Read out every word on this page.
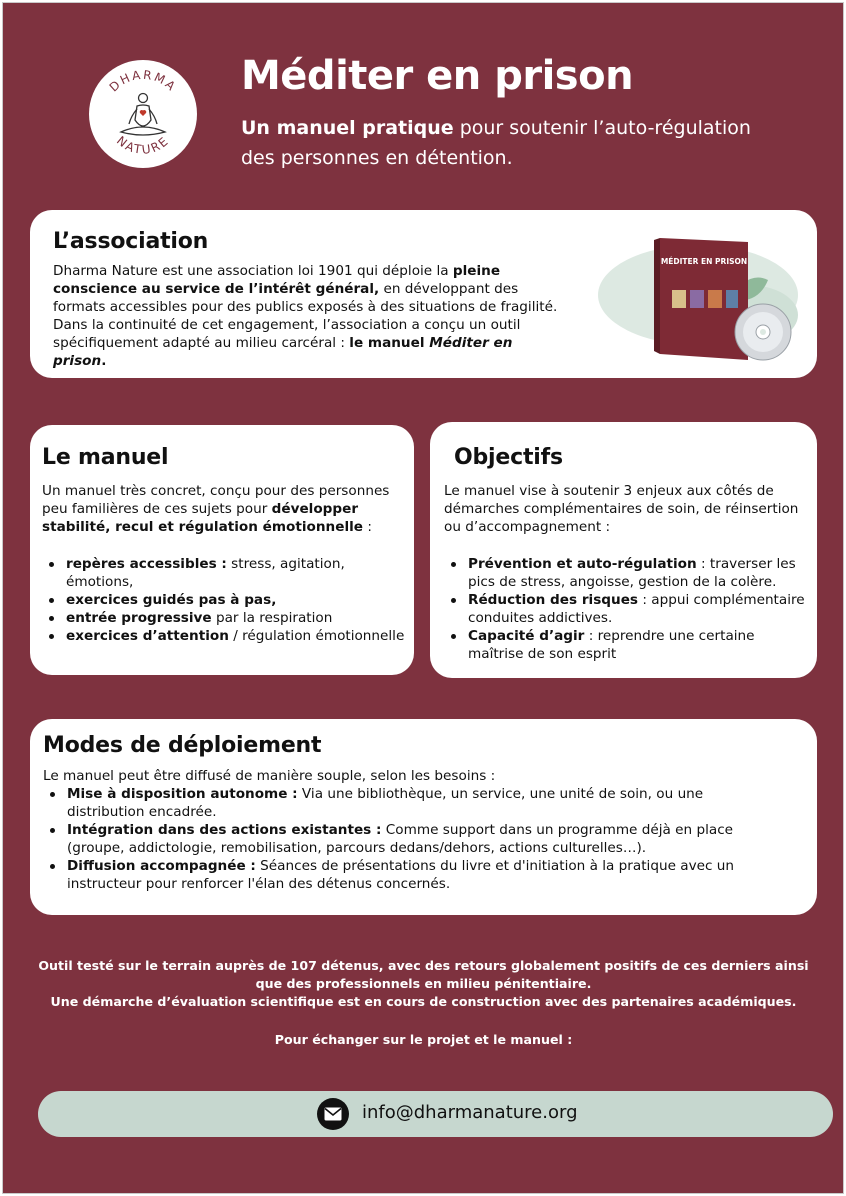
DHARMA
NATURE
Méditer en prison
Un manuel pratique pour soutenir l’auto-régulation des personnes en détention.
L’association

Dharma Nature est une association loi 1901 qui déploie la pleine conscience au service de l’intérêt général, en développant des formats accessibles pour des publics exposés à des situations de fragilité. Dans la continuité de cet engagement, l’association a conçu un outil spécifiquement adapté au milieu carcéral : le manuel Méditer en prison.

MÉDITER EN PRISON
Le manuel

Un manuel très concret, conçu pour des personnes peu familières de ces sujets pour développer stabilité, recul et régulation émotionnelle :

repères accessibles : stress, agitation, émotions,
exercices guidés pas à pas,
entrée progressive par la respiration
exercices d’attention / régulation émotionnelle
Objectifs

Le manuel vise à soutenir 3 enjeux aux côtés de démarches complémentaires de soin, de réinsertion ou d’accompagnement :

Prévention et auto-régulation : traverser les pics de stress, angoisse, gestion de la colère.
Réduction des risques : appui complémentaire conduites addictives.
Capacité d’agir : reprendre une certaine maîtrise de son esprit
Modes de déploiement

Le manuel peut être diffusé de manière souple, selon les besoins :

Mise à disposition autonome : Via une bibliothèque, un service, une unité de soin, ou une distribution encadrée.
Intégration dans des actions existantes : Comme support dans un programme déjà en place (groupe, addictologie, remobilisation, parcours dedans/dehors, actions culturelles…).
Diffusion accompagnée : Séances de présentations du livre et d'initiation à la pratique avec un instructeur pour renforcer l'élan des détenus concernés.
Outil testé sur le terrain auprès de 107 détenus, avec des retours globalement positifs de ces derniers ainsi que des professionnels en milieu pénitentiaire.
Une démarche d’évaluation scientifique est en cours de construction avec des partenaires académiques.
Pour échanger sur le projet et le manuel :
info@dharmanature.org
